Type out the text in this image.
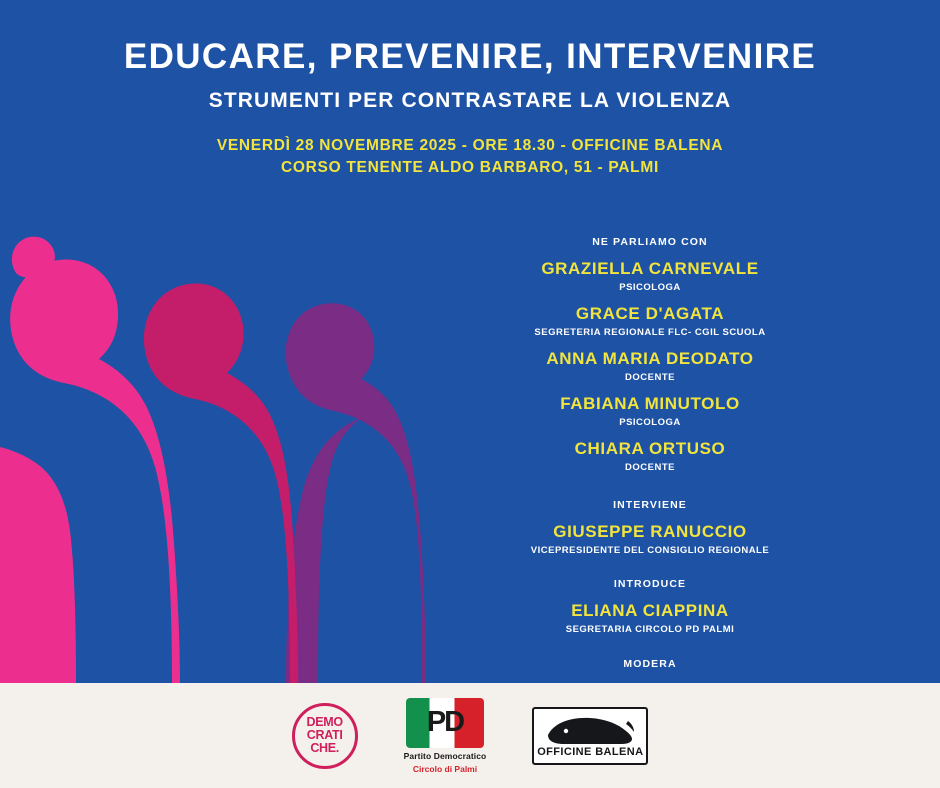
EDUCARE, PREVENIRE, INTERVENIRE
STRUMENTI PER CONTRASTARE LA VIOLENZA
VENERDÌ 28 NOVEMBRE 2025 - ORE 18.30 - OFFICINE BALENA
CORSO TENENTE ALDO BARBARO, 51 - PALMI
NE PARLIAMO CON
GRAZIELLA CARNEVALE
PSICOLOGA
GRACE D'AGATA
SEGRETERIA REGIONALE FLC- CGIL SCUOLA
ANNA MARIA DEODATO
DOCENTE
FABIANA MINUTOLO
PSICOLOGA
CHIARA ORTUSO
DOCENTE
INTERVIENE
GIUSEPPE RANUCCIO
VICEPRESIDENTE DEL CONSIGLIO REGIONALE
INTRODUCE
ELIANA CIAPPINA
SEGRETARIA CIRCOLO PD PALMI
MODERA
DEMO
CRATI
CHE.
PD
Partito Democratico
Circolo di Palmi
OFFICINE BALENA
